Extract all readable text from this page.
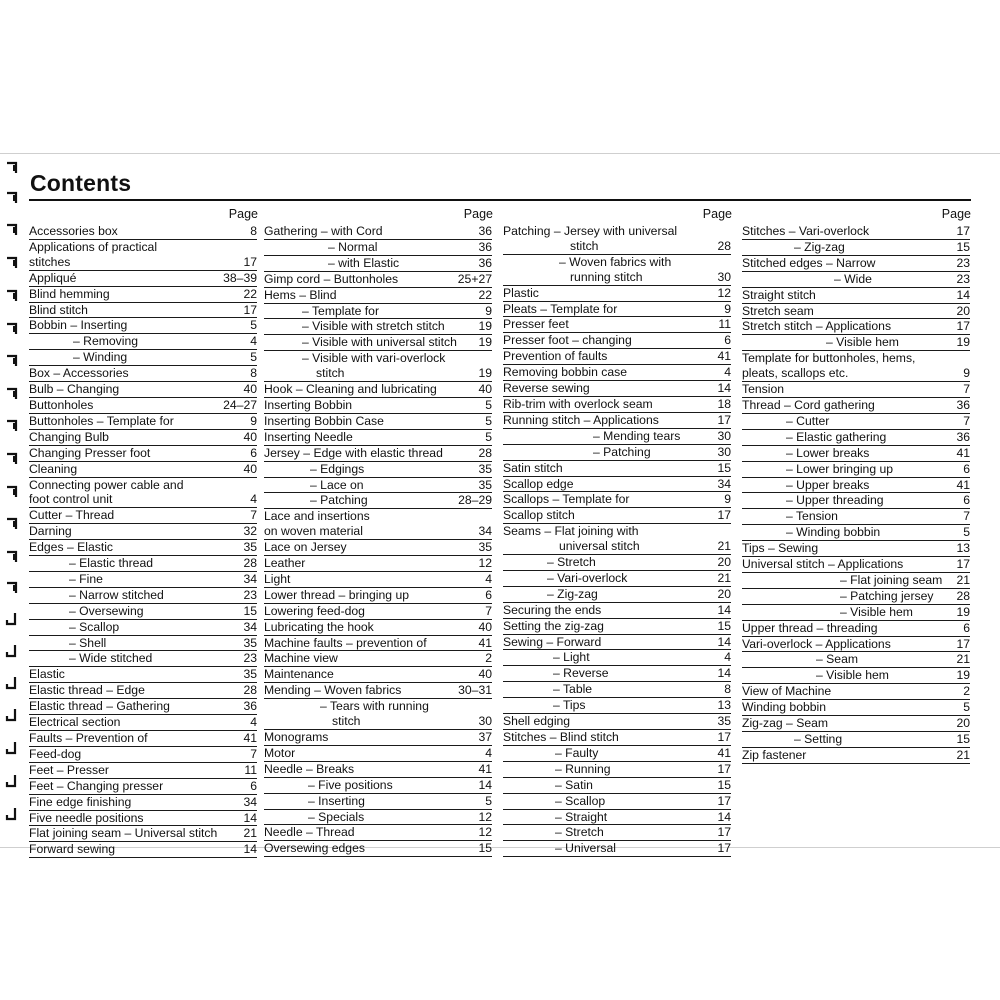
Contents
Page
Accessories box	8
Applications of practical
stitches	17
Appliqué	38–39
Blind hemming	22
Blind stitch	17
Bobbin – Inserting	5
– Removing	4
– Winding	5
Box – Accessories	8
Bulb – Changing	40
Buttonholes	24–27
Buttonholes – Template for	9
Changing Bulb	40
Changing Presser foot	6
Cleaning	40
Connecting power cable and
foot control unit	4
Cutter – Thread	7
Darning	32
Edges – Elastic	35
– Elastic thread	28
– Fine	34
– Narrow stitched	23
– Oversewing	15
– Scallop	34
– Shell	35
– Wide stitched	23
Elastic	35
Elastic thread – Edge	28
Elastic thread – Gathering	36
Electrical section	4
Faults – Prevention of	41
Feed-dog	7
Feet – Presser	11
Feet – Changing presser	6
Fine edge finishing	34
Five needle positions	14
Flat joining seam – Universal stitch	21
Forward sewing	14
Page
Gathering – with Cord	36
– Normal	36
– with Elastic	36
Gimp cord – Buttonholes	25+27
Hems – Blind	22
– Template for	9
– Visible with stretch stitch	19
– Visible with universal stitch	19
– Visible with vari-overlock
stitch	19
Hook – Cleaning and lubricating	40
Inserting Bobbin	5
Inserting Bobbin Case	5
Inserting Needle	5
Jersey – Edge with elastic thread	28
– Edgings	35
– Lace on	35
– Patching	28–29
Lace and insertions
on woven material	34
Lace on Jersey	35
Leather	12
Light	4
Lower thread – bringing up	6
Lowering feed-dog	7
Lubricating the hook	40
Machine faults – prevention of	41
Machine view	2
Maintenance	40
Mending – Woven fabrics	30–31
– Tears with running
stitch	30
Monograms	37
Motor	4
Needle – Breaks	41
– Five positions	14
– Inserting	5
– Specials	12
Needle – Thread	12
Oversewing edges	15
Page
Patching – Jersey with universal
stitch	28
– Woven fabrics with
running stitch	30
Plastic	12
Pleats – Template for	9
Presser feet	11
Presser foot – changing	6
Prevention of faults	41
Removing bobbin case	4
Reverse sewing	14
Rib-trim with overlock seam	18
Running stitch – Applications	17
– Mending tears	30
– Patching	30
Satin stitch	15
Scallop edge	34
Scallops – Template for	9
Scallop stitch	17
Seams – Flat joining with
universal stitch	21
– Stretch	20
– Vari-overlock	21
– Zig-zag	20
Securing the ends	14
Setting the zig-zag	15
Sewing – Forward	14
– Light	4
– Reverse	14
– Table	8
– Tips	13
Shell edging	35
Stitches – Blind stitch	17
– Faulty	41
– Running	17
– Satin	15
– Scallop	17
– Straight	14
– Stretch	17
– Universal	17
Page
Stitches – Vari-overlock	17
– Zig-zag	15
Stitched edges – Narrow	23
– Wide	23
Straight stitch	14
Stretch seam	20
Stretch stitch – Applications	17
– Visible hem	19
Template for buttonholes, hems,
pleats, scallops etc.	9
Tension	7
Thread – Cord gathering	36
– Cutter	7
– Elastic gathering	36
– Lower breaks	41
– Lower bringing up	6
– Upper breaks	41
– Upper threading	6
– Tension	7
– Winding bobbin	5
Tips – Sewing	13
Universal stitch – Applications	17
– Flat joining seam	21
– Patching jersey	28
– Visible hem	19
Upper thread – threading	6
Vari-overlock – Applications	17
– Seam	21
– Visible hem	19
View of Machine	2
Winding bobbin	5
Zig-zag – Seam	20
– Setting	15
Zip fastener	21
